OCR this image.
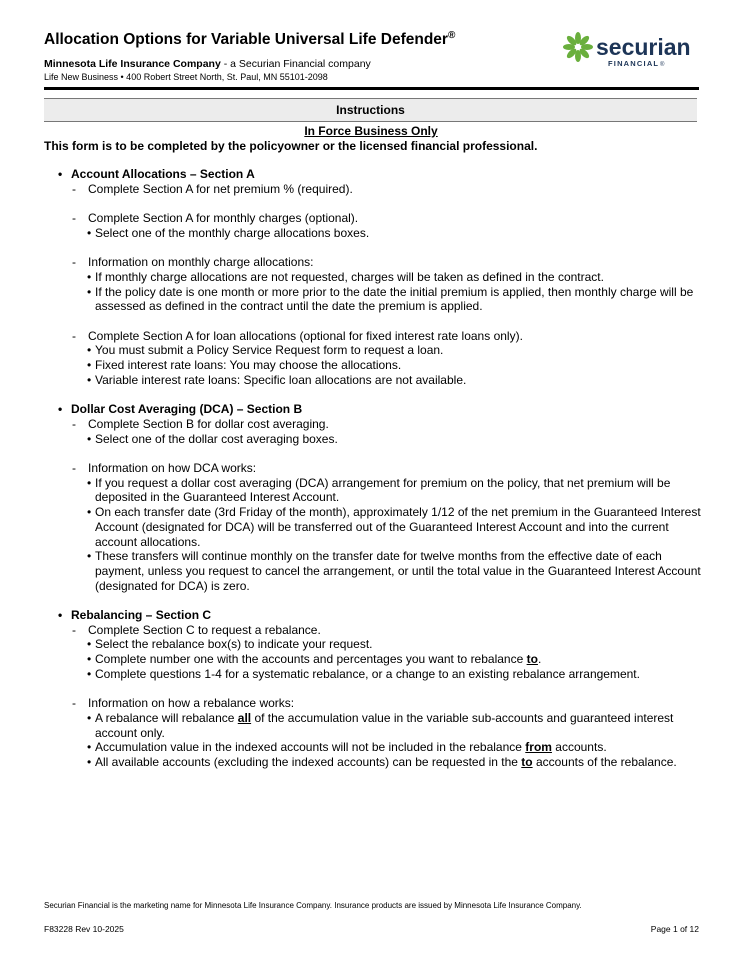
Allocation Options for Variable Universal Life Defender®
Minnesota Life Insurance Company - a Securian Financial company
Life New Business • 400 Robert Street North, St. Paul, MN 55101-2098
securian
FINANCIAL ®
Instructions
In Force Business Only
This form is to be completed by the policyowner or the licensed financial professional.
• Account Allocations – Section A
- Complete Section A for net premium % (required).
- Complete Section A for monthly charges (optional).
• Select one of the monthly charge allocations boxes.
- Information on monthly charge allocations:
• If monthly charge allocations are not requested, charges will be taken as defined in the contract.
• If the policy date is one month or more prior to the date the initial premium is applied, then monthly charge will be assessed as defined in the contract until the date the premium is applied.
- Complete Section A for loan allocations (optional for fixed interest rate loans only).
• You must submit a Policy Service Request form to request a loan.
• Fixed interest rate loans: You may choose the allocations.
• Variable interest rate loans: Specific loan allocations are not available.
• Dollar Cost Averaging (DCA) – Section B
- Complete Section B for dollar cost averaging.
• Select one of the dollar cost averaging boxes.
- Information on how DCA works:
• If you request a dollar cost averaging (DCA) arrangement for premium on the policy, that net premium will be deposited in the Guaranteed Interest Account.
• On each transfer date (3rd Friday of the month), approximately 1/12 of the net premium in the Guaranteed Interest Account (designated for DCA) will be transferred out of the Guaranteed Interest Account and into the current account allocations.
• These transfers will continue monthly on the transfer date for twelve months from the effective date of each payment, unless you request to cancel the arrangement, or until the total value in the Guaranteed Interest Account (designated for DCA) is zero.
• Rebalancing – Section C
- Complete Section C to request a rebalance.
• Select the rebalance box(s) to indicate your request.
• Complete number one with the accounts and percentages you want to rebalance to.
• Complete questions 1-4 for a systematic rebalance, or a change to an existing rebalance arrangement.
- Information on how a rebalance works:
• A rebalance will rebalance all of the accumulation value in the variable sub-accounts and guaranteed interest account only.
• Accumulation value in the indexed accounts will not be included in the rebalance from accounts.
• All available accounts (excluding the indexed accounts) can be requested in the to accounts of the rebalance.
Securian Financial is the marketing name for Minnesota Life Insurance Company. Insurance products are issued by Minnesota Life Insurance Company.
F83228 Rev 10-2025	Page 1 of 12
